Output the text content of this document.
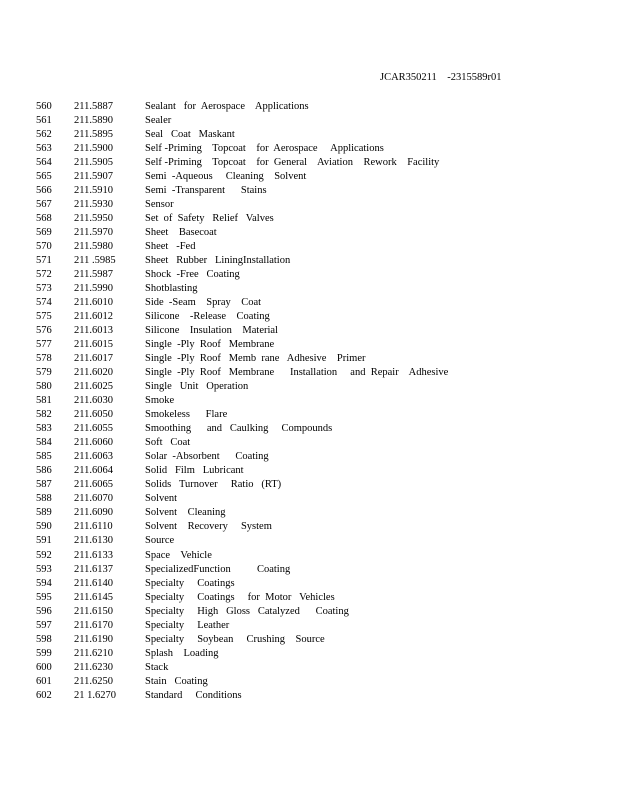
JCAR350211    -2315589r01
560 211.5887	Sealant   for  Aerospace    Applications
561 211.5890	Sealer
562 211.5895	Seal   Coat   Maskant
563 211.5900	Self -Priming    Topcoat    for  Aerospace     Applications
564 211.5905	Self -Priming    Topcoat    for  General    Aviation    Rework    Facility
565 211.5907	Semi  -Aqueous     Cleaning    Solvent
566 211.5910	Semi  -Transparent      Stains
567 211.5930	Sensor
568 211.5950	Set  of  Safety   Relief   Valves
569 211.5970	Sheet    Basecoat
570 211.5980	Sheet   -Fed
571 211 .5985	Sheet   Rubber   LiningInstallation
572 211.5987	Shock  -Free   Coating
573 211.5990	Shotblasting
574 211.6010	Side  -Seam    Spray    Coat
575 211.6012	Silicone    -Release    Coating
576 211.6013	Silicone    Insulation    Material
577 211.6015	Single  -Ply  Roof   Membrane
578 211.6017	Single  -Ply  Roof   Memb  rane   Adhesive    Primer
579 211.6020	Single  -Ply  Roof   Membrane      Installation     and  Repair    Adhesive
580 211.6025	Single   Unit   Operation
581 211.6030	Smoke
582 211.6050	Smokeless      Flare
583 211.6055	Smoothing      and   Caulking     Compounds
584 211.6060	Soft   Coat
585 211.6063	Solar  -Absorbent      Coating
586 211.6064	Solid   Film   Lubricant
587 211.6065	Solids   Turnover     Ratio   (RT)
588 211.6070	Solvent
589 211.6090	Solvent    Cleaning
590 211.6110	Solvent    Recovery     System
591 211.6130	Source
592 211.6133	Space    Vehicle
593 211.6137	SpecializedFunction          Coating
594 211.6140	Specialty     Coatings
595 211.6145	Specialty     Coatings     for  Motor   Vehicles
596 211.6150	Specialty     High   Gloss   Catalyzed      Coating
597 211.6170	Specialty     Leather
598 211.6190	Specialty     Soybean     Crushing    Source
599 211.6210	Splash    Loading
600 211.6230	Stack
601 211.6250	Stain   Coating
602 21 1.6270	Standard     Conditions
